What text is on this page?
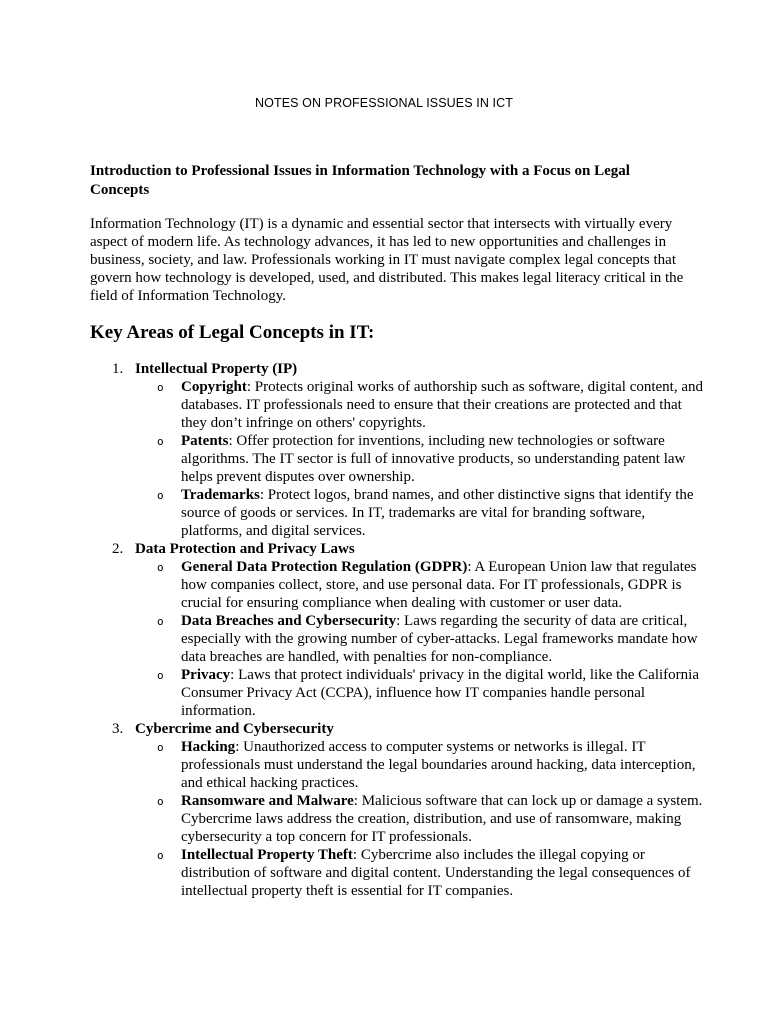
NOTES ON PROFESSIONAL ISSUES IN ICT
Introduction to Professional Issues in Information Technology with a Focus on Legal Concepts
Information Technology (IT) is a dynamic and essential sector that intersects with virtually every aspect of modern life. As technology advances, it has led to new opportunities and challenges in business, society, and law. Professionals working in IT must navigate complex legal concepts that govern how technology is developed, used, and distributed. This makes legal literacy critical in the field of Information Technology.
Key Areas of Legal Concepts in IT:
1. Intellectual Property (IP)
o Copyright: Protects original works of authorship such as software, digital content, and databases. IT professionals need to ensure that their creations are protected and that they don’t infringe on others' copyrights.
o Patents: Offer protection for inventions, including new technologies or software algorithms. The IT sector is full of innovative products, so understanding patent law helps prevent disputes over ownership.
o Trademarks: Protect logos, brand names, and other distinctive signs that identify the source of goods or services. In IT, trademarks are vital for branding software, platforms, and digital services.
2. Data Protection and Privacy Laws
o General Data Protection Regulation (GDPR): A European Union law that regulates how companies collect, store, and use personal data. For IT professionals, GDPR is crucial for ensuring compliance when dealing with customer or user data.
o Data Breaches and Cybersecurity: Laws regarding the security of data are critical, especially with the growing number of cyber-attacks. Legal frameworks mandate how data breaches are handled, with penalties for non-compliance.
o Privacy: Laws that protect individuals' privacy in the digital world, like the California Consumer Privacy Act (CCPA), influence how IT companies handle personal information.
3. Cybercrime and Cybersecurity
o Hacking: Unauthorized access to computer systems or networks is illegal. IT professionals must understand the legal boundaries around hacking, data interception, and ethical hacking practices.
o Ransomware and Malware: Malicious software that can lock up or damage a system. Cybercrime laws address the creation, distribution, and use of ransomware, making cybersecurity a top concern for IT professionals.
o Intellectual Property Theft: Cybercrime also includes the illegal copying or distribution of software and digital content. Understanding the legal consequences of intellectual property theft is essential for IT companies.
